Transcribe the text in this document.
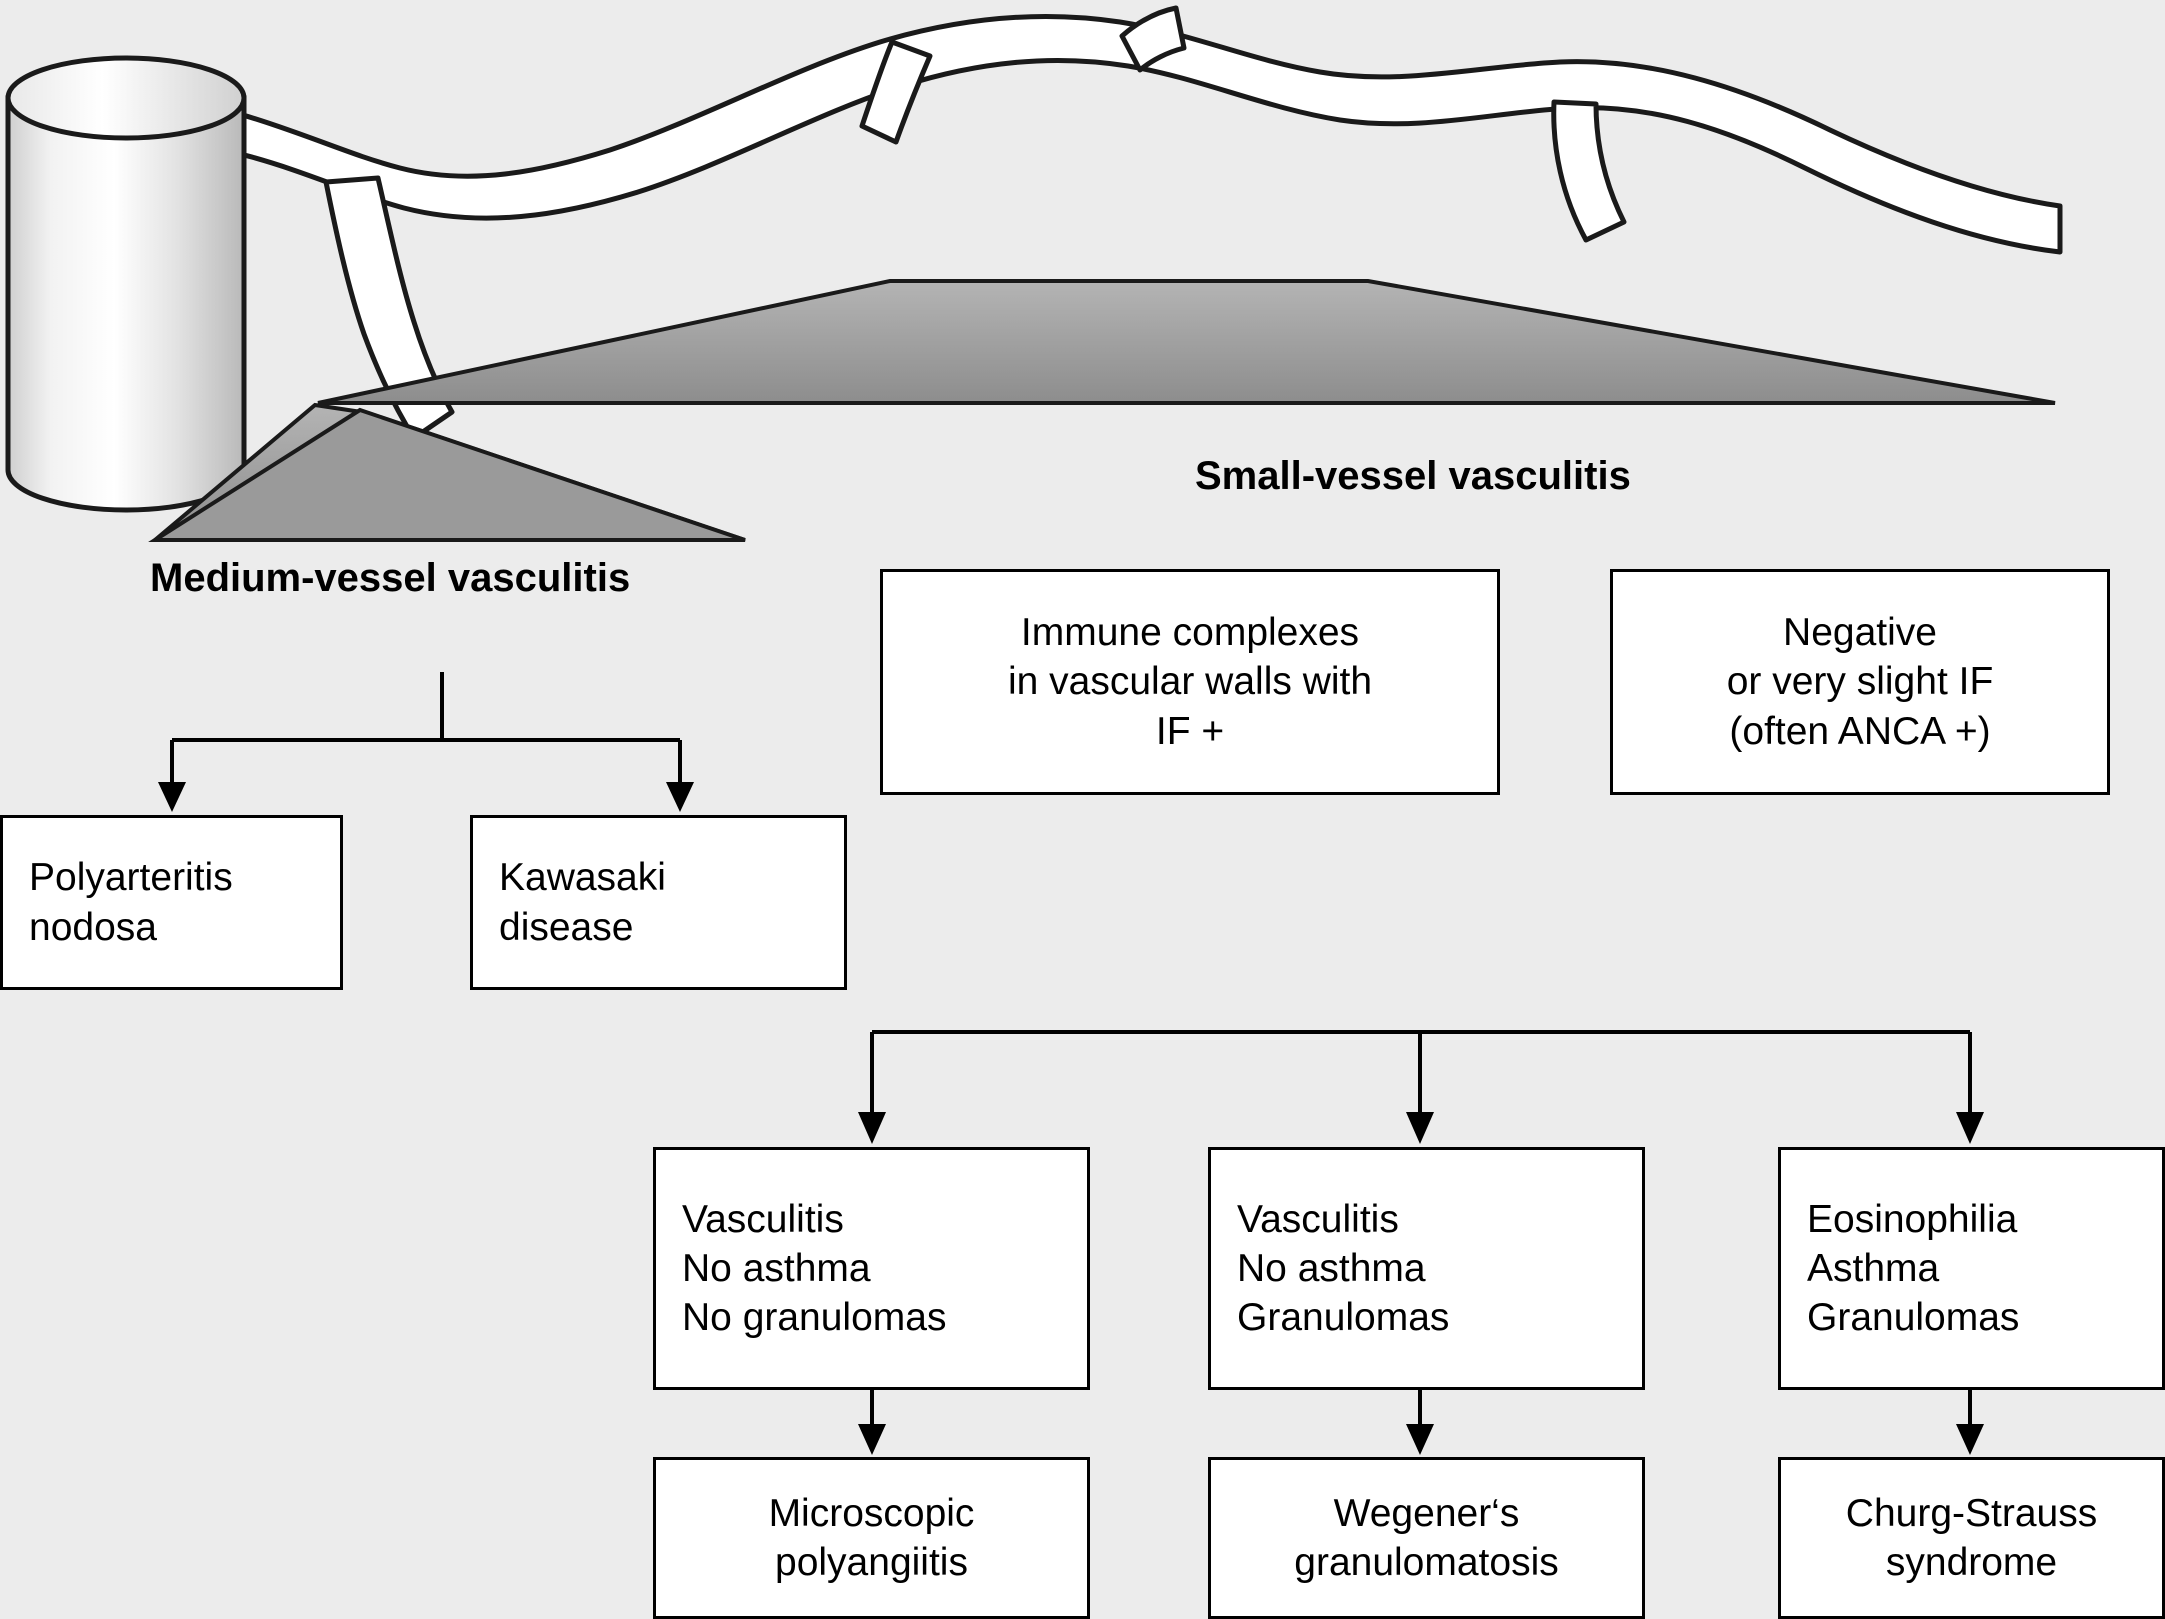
Medium-vessel vasculitis
Small-vessel vasculitis
Immune complexes
in vascular walls with
IF +
Negative
or very slight IF
(often ANCA +)
Polyarteritis
nodosa
Kawasaki
disease
Vasculitis
No asthma
No granulomas
Vasculitis
No asthma
Granulomas
Eosinophilia
Asthma
Granulomas
Microscopic
polyangiitis
Wegener‘s
granulomatosis
Churg-Strauss
syndrome
